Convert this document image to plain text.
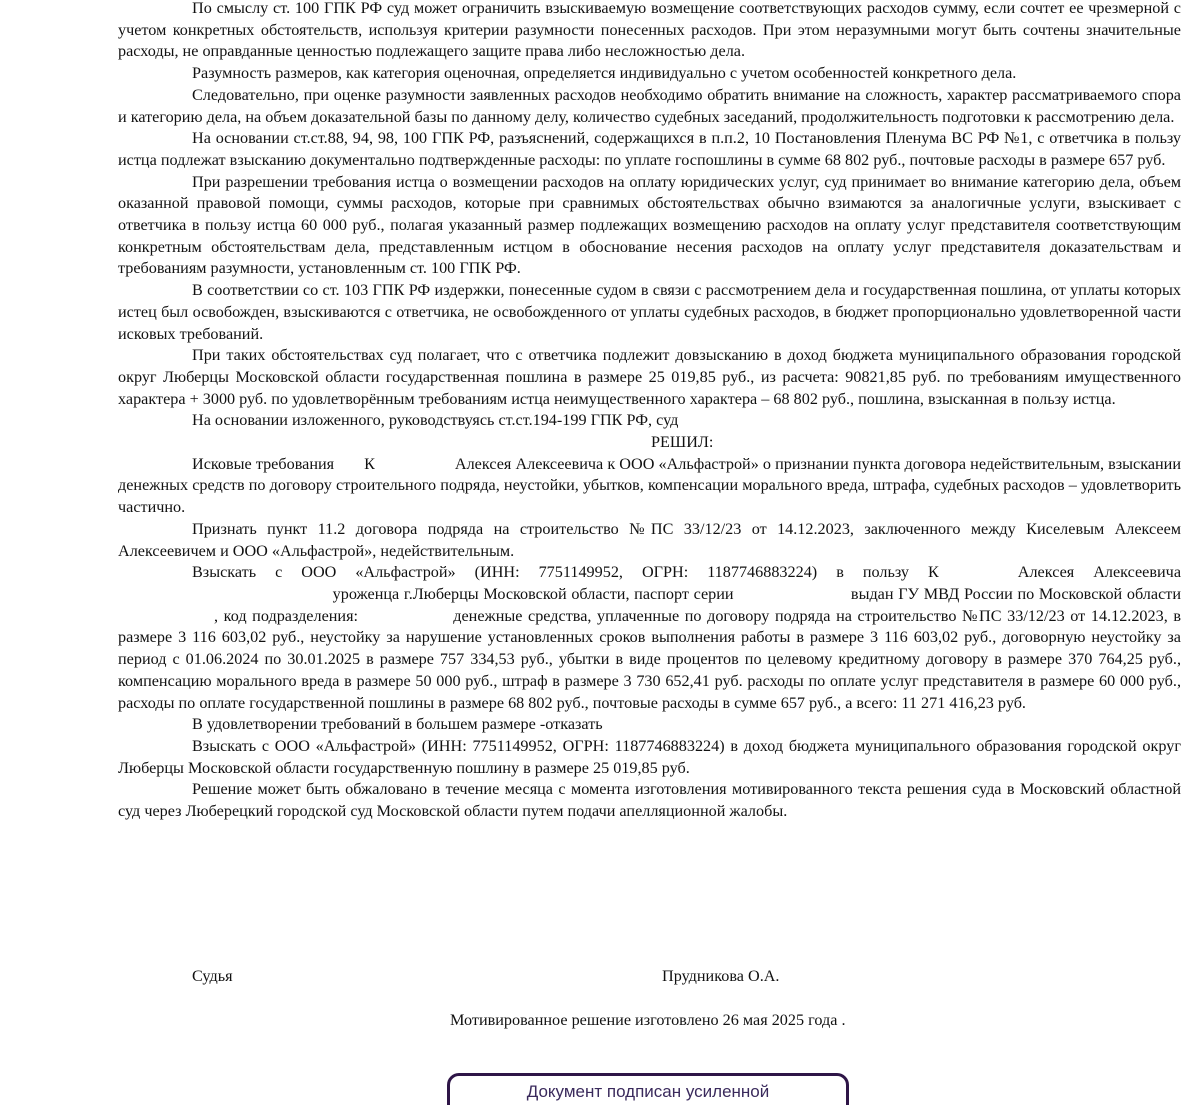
По смыслу ст. 100 ГПК РФ суд может ограничить взыскиваемую возмещение соответствующих расходов сумму, если сочтет ее чрезмерной с учетом конкретных обстоятельств, используя критерии разумности понесенных расходов. При этом неразумными могут быть сочтены значительные расходы, не оправданные ценностью подлежащего защите права либо несложностью дела.

Разумность размеров, как категория оценочная, определяется индивидуально с учетом особенностей конкретного дела.

Следовательно, при оценке разумности заявленных расходов необходимо обратить внимание на сложность, характер рассматриваемого спора и категорию дела, на объем доказательной базы по данному делу, количество судебных заседаний, продолжительность подготовки к рассмотрению дела.

На основании ст.ст.88, 94, 98, 100 ГПК РФ, разъяснений, содержащихся в п.п.2, 10 Постановления Пленума ВС РФ №1, с ответчика в пользу истца подлежат взысканию документально подтвержденные расходы: по уплате госпошлины в сумме 68 802 руб., почтовые расходы в размере 657 руб.

При разрешении требования истца о возмещении расходов на оплату юридических услуг, суд принимает во внимание категорию дела, объем оказанной правовой помощи, суммы расходов, которые при сравнимых обстоятельствах обычно взимаются за аналогичные услуги, взыскивает с ответчика в пользу истца 60 000 руб., полагая указанный размер подлежащих возмещению расходов на оплату услуг представителя соответствующим конкретным обстоятельствам дела, представленным истцом в обоснование несения расходов на оплату услуг представителя доказательствам и требованиям разумности, установленным ст. 100 ГПК РФ.

В соответствии со ст. 103 ГПК РФ издержки, понесенные судом в связи с рассмотрением дела и государственная пошлина, от уплаты которых истец был освобожден, взыскиваются с ответчика, не освобожденного от уплаты судебных расходов, в бюджет пропорционально удовлетворенной части исковых требований.

При таких обстоятельствах суд полагает, что с ответчика подлежит довзысканию в доход бюджета муниципального образования городской округ Люберцы Московской области государственная пошлина в размере 25 019,85 руб., из расчета: 90821,85 руб. по требованиям имущественного характера + 3000 руб. по удовлетворённым требованиям истца неимущественного характера – 68 802 руб., пошлина, взысканная в пользу истца.

На основании изложенного, руководствуясь ст.ст.194-199 ГПК РФ, суд

РЕШИЛ:

Исковые требования К	Алексея Алексеевича к ООО «Альфастрой» о признании пункта договора недействительным, взыскании денежных средств по договору строительного подряда, неустойки, убытков, компенсации морального вреда, штрафа, судебных расходов – удовлетворить частично.

Признать пункт 11.2 договора подряда на строительство №ПС 33/12/23 от 14.12.2023, заключенного между Киселевым Алексеем Алексеевичем и ООО «Альфастрой», недействительным.

Взыскать с ООО «Альфастрой» (ИНН: 7751149952, ОГРН: 1187746883224) в пользу К	Алексея Алексеевича  уроженца г.Люберцы Московской области, паспорт серии	выдан ГУ МВД России по Московской области, код подразделения:	денежные средства, уплаченные по договору подряда на строительство №ПС 33/12/23 от 14.12.2023, в размере 3 116 603,02 руб., неустойку за нарушение установленных сроков выполнения работы в размере 3 116 603,02 руб., договорную неустойку за период с 01.06.2024 по 30.01.2025 в размере 757 334,53 руб., убытки в виде процентов по целевому кредитному договору в размере 370 764,25 руб., компенсацию морального вреда в размере 50 000 руб., штраф в размере 3 730 652,41 руб. расходы по оплате услуг представителя в размере 60 000 руб., расходы по оплате государственной пошлины в размере 68 802 руб., почтовые расходы в сумме 657 руб., а всего: 11 271 416,23 руб.

В удовлетворении требований в большем размере -отказать

Взыскать с ООО «Альфастрой» (ИНН: 7751149952, ОГРН: 1187746883224) в доход бюджета муниципального образования городской округ Люберцы Московской области государственную пошлину в размере 25 019,85 руб.

Решение может быть обжаловано в течение месяца с момента изготовления мотивированного текста решения суда в Московский областной суд через Люберецкий городской суд Московской области путем подачи апелляционной жалобы.

Судья	Прудникова О.А.
Мотивированное решение изготовлено 26 мая 2025 года .
Документ подписан усиленной
